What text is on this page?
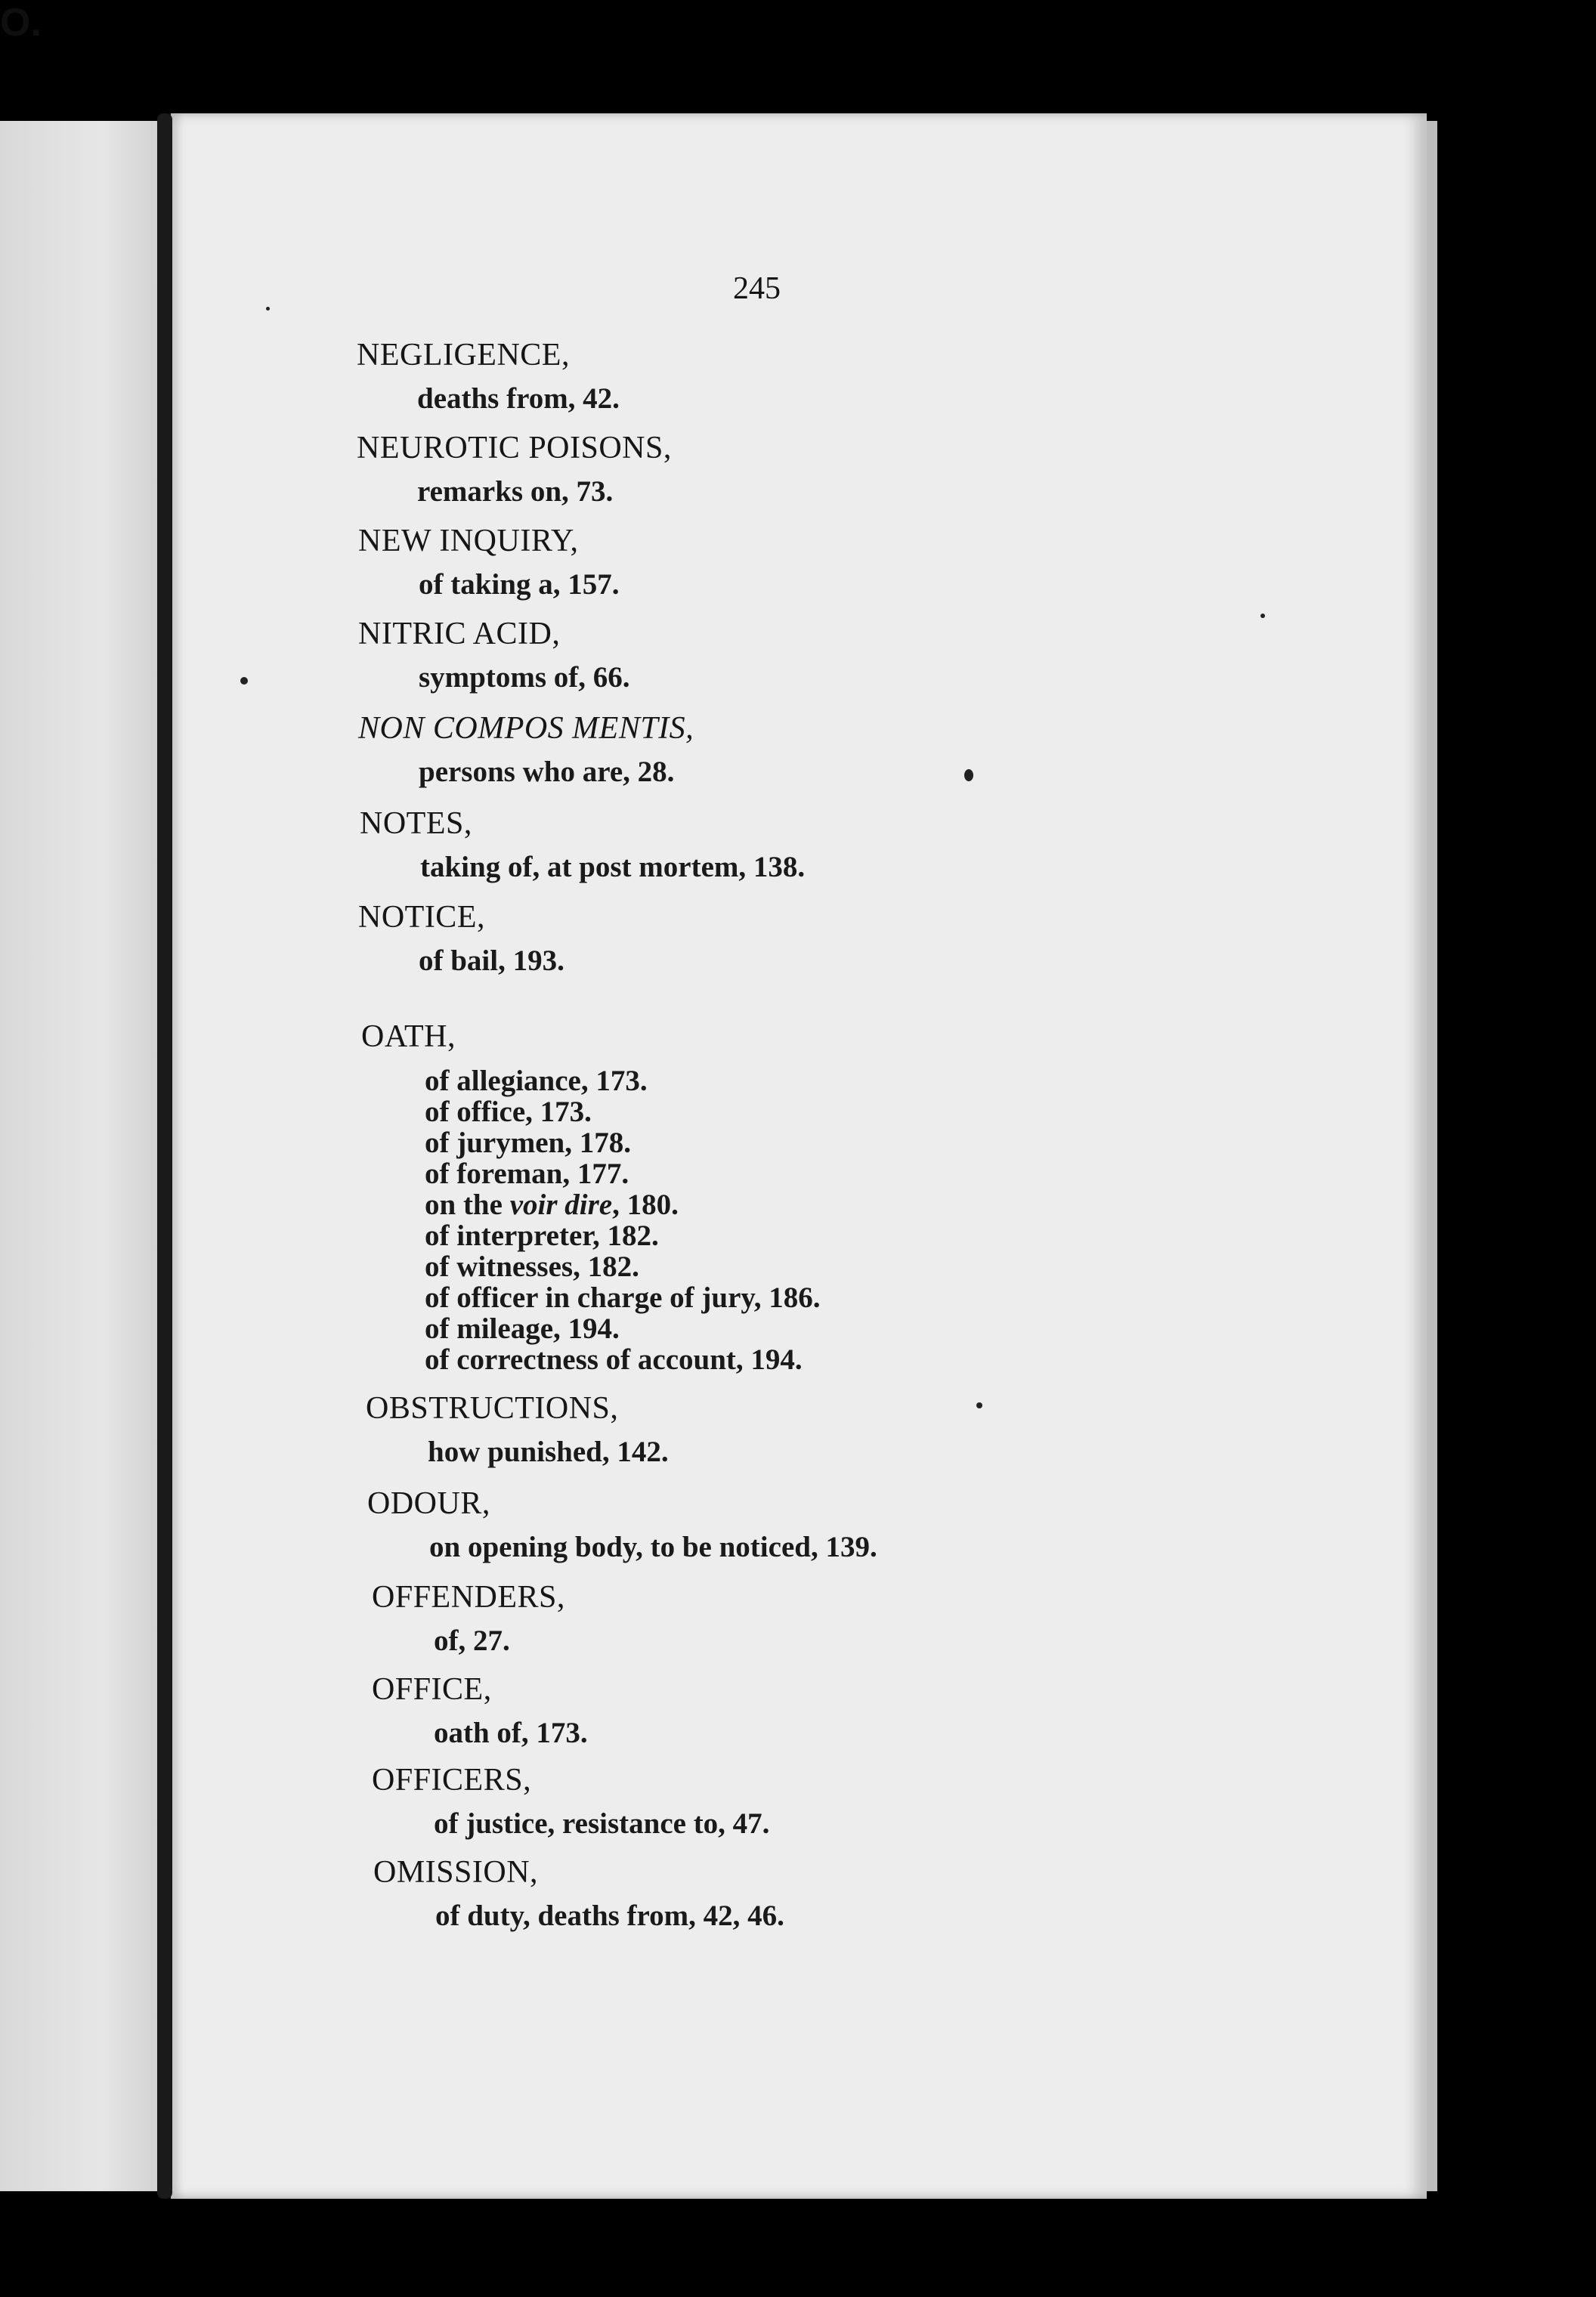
245
NEGLIGENCE,
deaths from, 42.
NEUROTIC POISONS,
remarks on, 73.
NEW INQUIRY,
of taking a, 157.
NITRIC ACID,
symptoms of, 66.
NON COMPOS MENTIS,
persons who are, 28.
NOTES,
taking of, at post mortem, 138.
NOTICE,
of bail, 193.
O.
OATH,
of allegiance, 173.
of office, 173.
of jurymen, 178.
of foreman, 177.
on the voir dire, 180.
of interpreter, 182.
of witnesses, 182.
of officer in charge of jury, 186.
of mileage, 194.
of correctness of account, 194.
OBSTRUCTIONS,
how punished, 142.
ODOUR,
on opening body, to be noticed, 139.
OFFENDERS,
of, 27.
OFFICE,
oath of, 173.
OFFICERS,
of justice, resistance to, 47.
OMISSION,
of duty, deaths from, 42, 46.
